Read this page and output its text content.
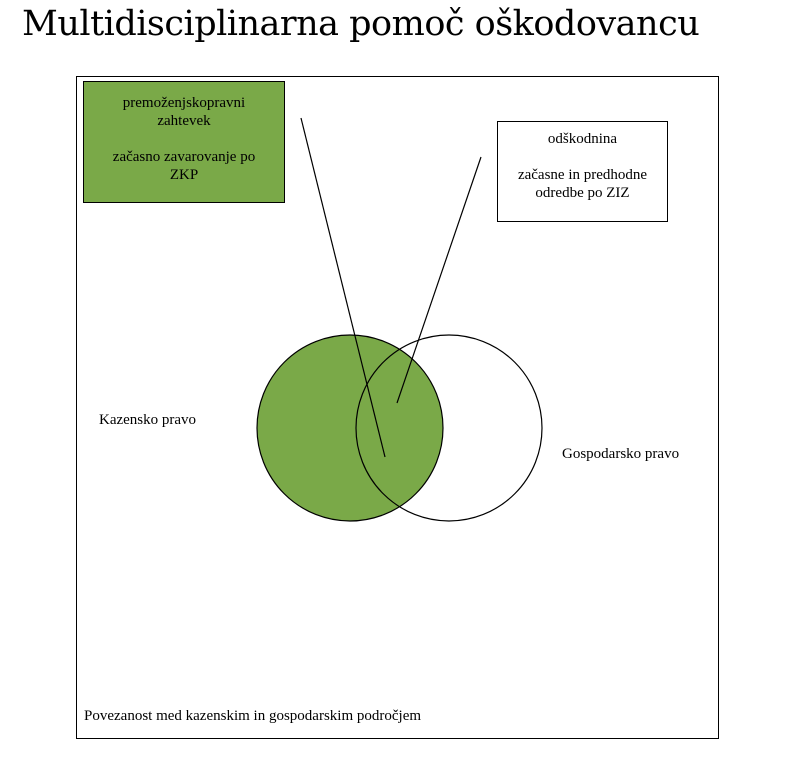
Multidisciplinarna pomoč oškodovancu

premoženjskopravni

zahtevek

začasno zavarovanje po

ZKP

odškodnina

začasne in predhodne

odredbe po ZIZ

Kazensko pravo
Gospodarsko pravo
Povezanost med kazenskim in gospodarskim področjem
